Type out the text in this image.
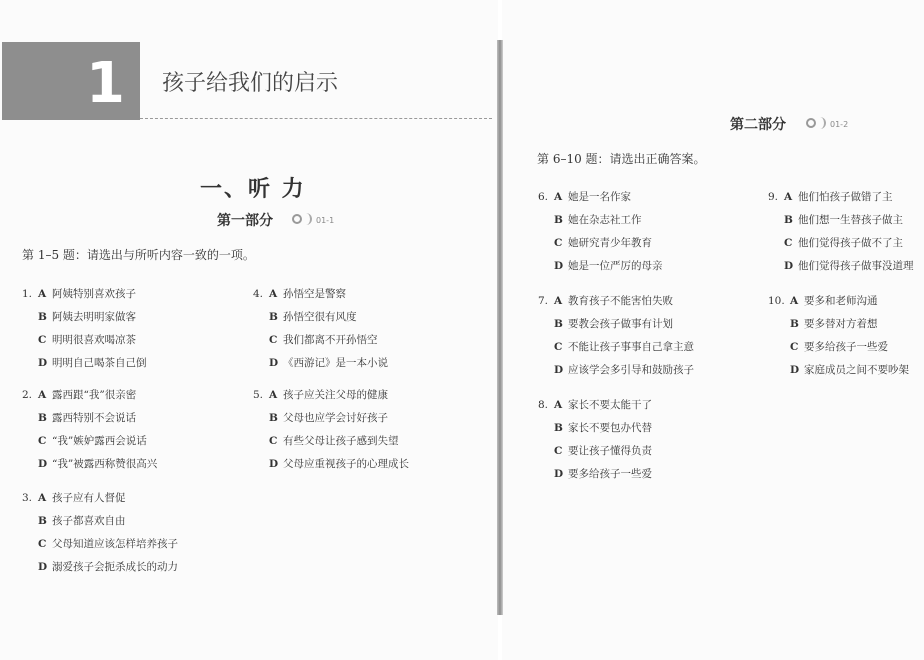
1 孩子给我们的启示
一、听 力
第一部分	01-1
第 1–5 题：请选出与所听内容一致的一项。
1. A 阿姨特别喜欢孩子
B 阿姨去明明家做客
C 明明很喜欢喝凉茶
D 明明自己喝茶自己倒
2. A 露西跟“我”很亲密
B 露西特别不会说话
C “我”嫉妒露西会说话
D “我”被露西称赞很高兴
3. A 孩子应有人督促
B 孩子都喜欢自由
C 父母知道应该怎样培养孩子
D 溺爱孩子会扼杀成长的动力
4. A 孙悟空是警察
B 孙悟空很有风度
C 我们都离不开孙悟空
D 《西游记》是一本小说
5. A 孩子应关注父母的健康
B 父母也应学会讨好孩子
C 有些父母让孩子感到失望
D 父母应重视孩子的心理成长
第二部分	01-2
第 6–10 题：请选出正确答案。
6. A 她是一名作家
B 她在杂志社工作
C 她研究青少年教育
D 她是一位严厉的母亲
7. A 教育孩子不能害怕失败
B 要教会孩子做事有计划
C 不能让孩子事事自己拿主意
D 应该学会多引导和鼓励孩子
8. A 家长不要太能干了
B 家长不要包办代替
C 要让孩子懂得负责
D 要多给孩子一些爱
9. A 他们怕孩子做错了主
B 他们想一生替孩子做主
C 他们觉得孩子做不了主
D 他们觉得孩子做事没道理
10. A 要多和老师沟通
B 要多替对方着想
C 要多给孩子一些爱
D 家庭成员之间不要吵架
